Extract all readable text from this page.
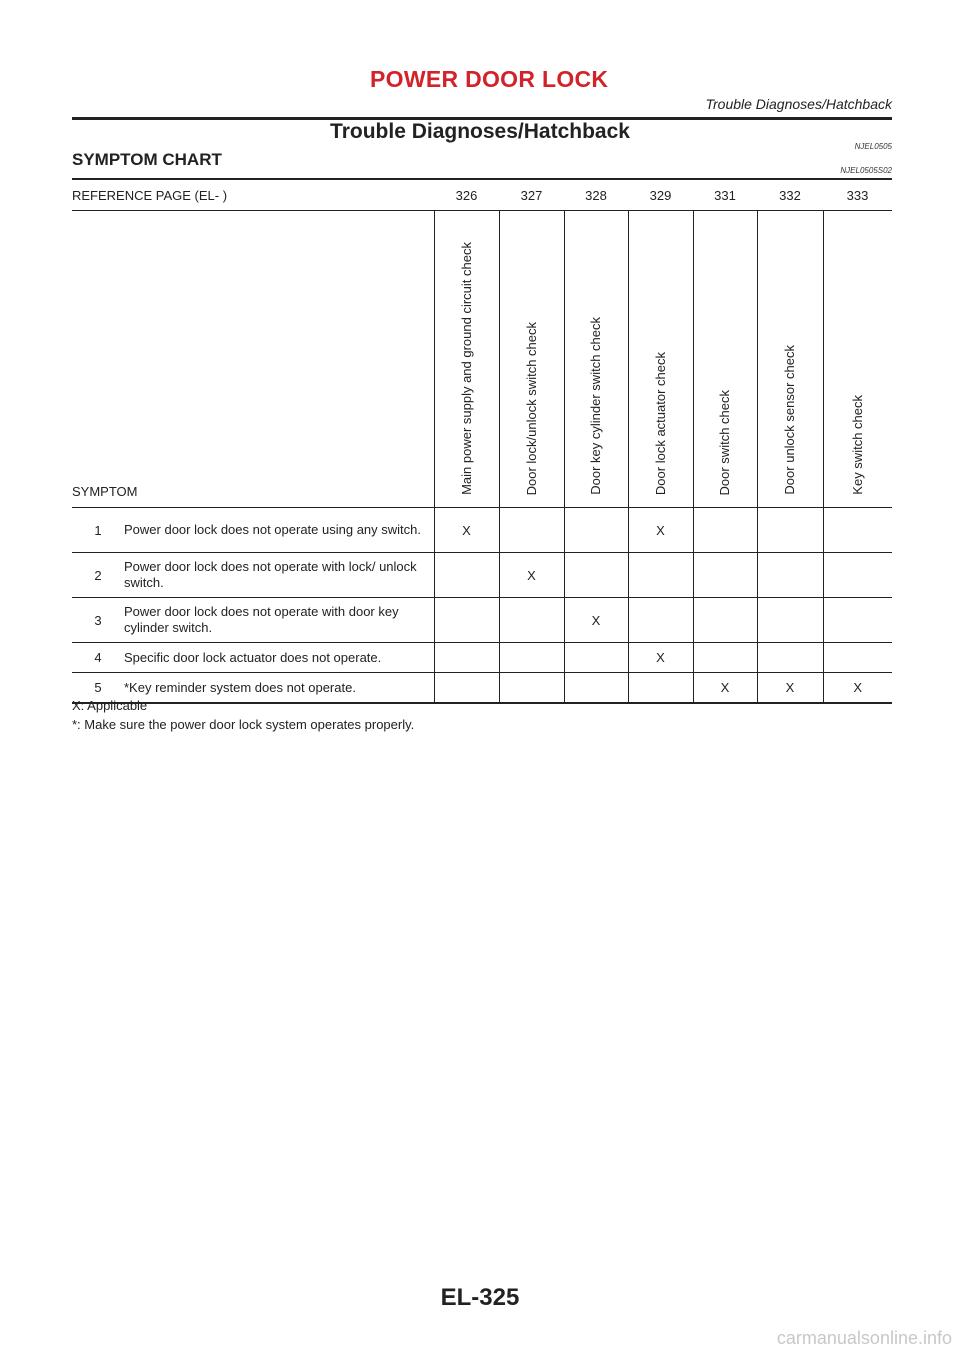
POWER DOOR LOCK
Trouble Diagnoses/Hatchback
Trouble Diagnoses/Hatchback
NJEL0505
SYMPTOM CHART
NJEL0505S02
REFERENCE PAGE (EL- )		326	327	328	329	331	332	333
SYMPTOM		Main power supply and ground circuit check	Door lock/unlock switch check	Door key cylinder switch check	Door lock actuator check	Door switch check	Door unlock sensor check	Key switch check

1	Power door lock does not operate using any switch.	X			X			
2	Power door lock does not operate with lock/ unlock switch.		X					
3	Power door lock does not operate with door key cylinder switch.			X				
4	Specific door lock actuator does not operate.				X			
5	*Key reminder system does not operate.					X	X	X
X: Applicable
*: Make sure the power door lock system operates properly.
EL-325
carmanualsonline.info
